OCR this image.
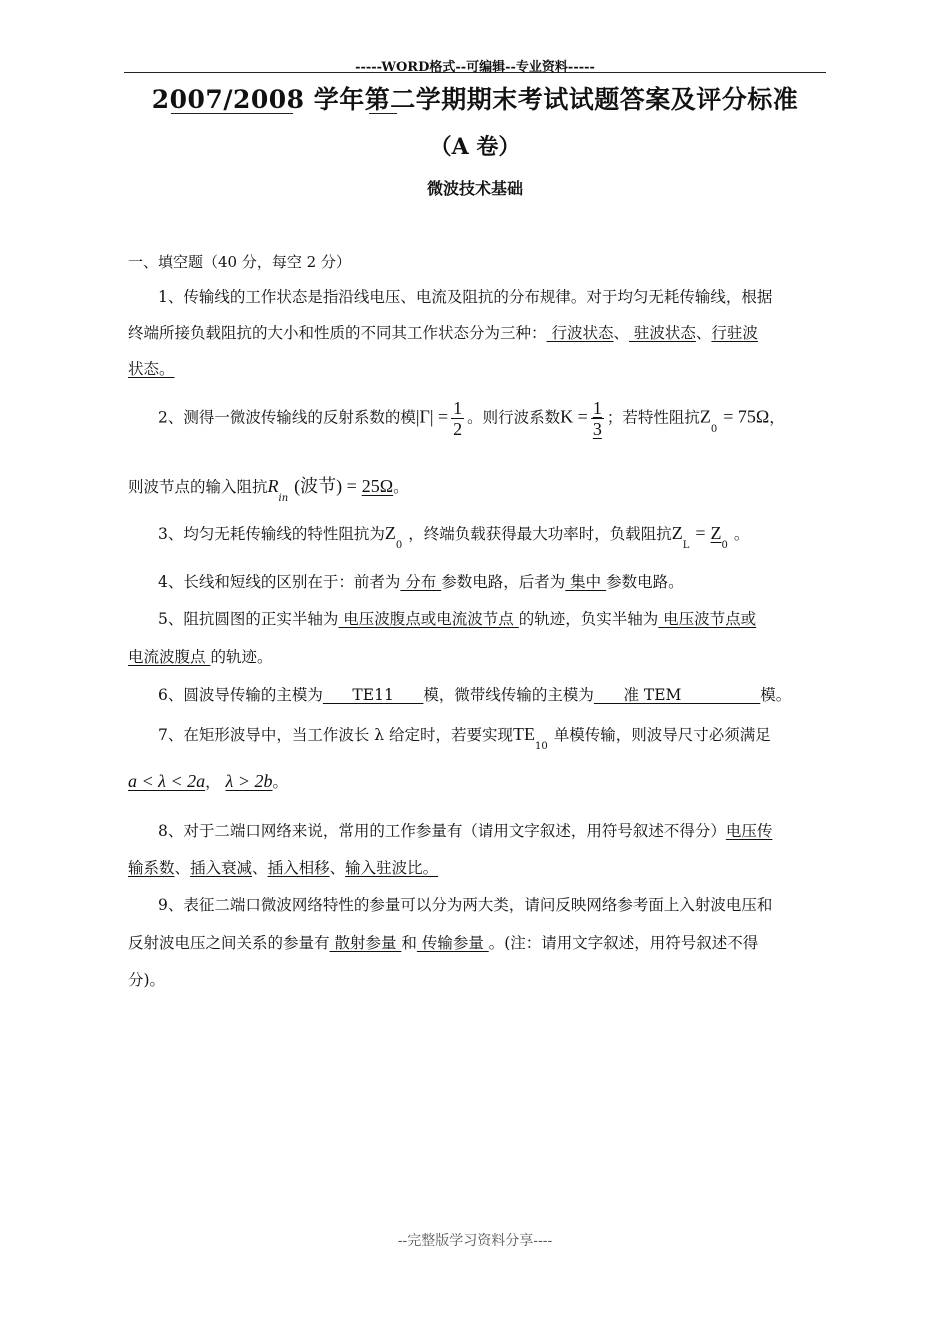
-----WORD格式--可编辑--专业资料-----
2007/2008 学年第二学期期末考试试题答案及评分标准
（A 卷）
微波技术基础
一、填空题（40 分，每空 2 分）
1、传输线的工作状态是指沿线电压、电流及阻抗的分布规律。对于均匀无耗传输线，根据
终端所接负载阻抗的大小和性质的不同其工作状态分为三种： 行波状态、 驻波状态、行驻波
状态。
2、测得一微波传输线的反射系数的模$|\Gamma| = \frac{1}{2}$ 。则行波系数$K = \frac{1}{3}$ ；若特性阻抗$Z_0= 75\Omega$，
则波节点的输入阻抗$R_{in}$(波节) = 25Ω。
3、均匀无耗传输线的特性阻抗为$Z_0$，终端负载获得最大功率时，负载阻抗$Z_L= Z_0$。
4、长线和短线的区别在于：前者为 分布 参数电路，后者为 集中 参数电路。
5、阻抗圆图的正实半轴为 电压波腹点或电流波节点 的轨迹，负实半轴为 电压波节点或
电流波腹点 的轨迹。
6、圆波导传输的主模为      TE11      模，微带线传输的主模为      准 TEM                模。
7、在矩形波导中，当工作波长 λ 给定时，若要实现$TE_{10}$单模传输，则波导尺寸必须满足
a < λ < 2a， λ > 2b。
8、对于二端口网络来说，常用的工作参量有（请用文字叙述，用符号叙述不得分）电压传
输系数、插入衰减、插入相移、输入驻波比。
9、表征二端口微波网络特性的参量可以分为两大类，请问反映网络参考面上入射波电压和
反射波电压之间关系的参量有 散射参量 和 传输参量 。(注：请用文字叙述，用符号叙述不得
分)。
--完整版学习资料分享----
